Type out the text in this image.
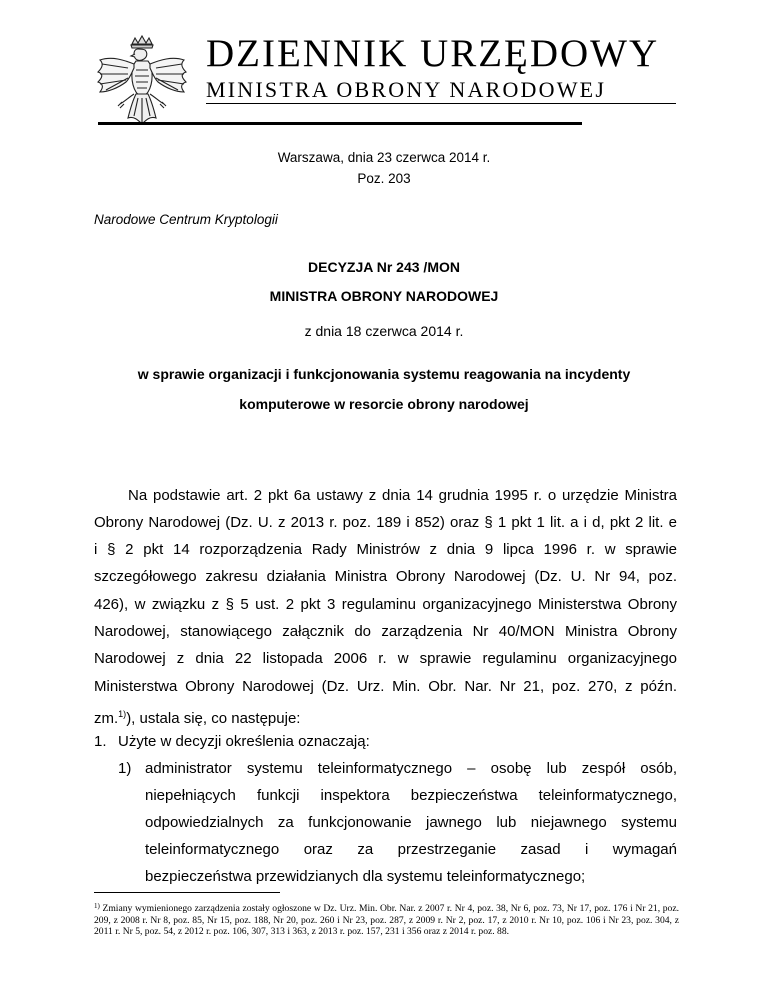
DZIENNIK URZĘDOWY
MINISTRA OBRONY NARODOWEJ
Warszawa, dnia 23 czerwca 2014 r.
Poz. 203
Narodowe Centrum Kryptologii
DECYZJA Nr 243 /MON
MINISTRA OBRONY NARODOWEJ
z dnia 18 czerwca 2014 r.
w sprawie organizacji i funkcjonowania systemu reagowania na incydenty
komputerowe w resorcie obrony narodowej
Na podstawie art. 2 pkt 6a ustawy z dnia 14 grudnia 1995 r. o urzędzie Ministra
Obrony Narodowej (Dz. U. z 2013 r. poz. 189 i 852) oraz § 1 pkt 1 lit. a i d, pkt 2 lit. e
i § 2 pkt 14 rozporządzenia Rady Ministrów z dnia 9 lipca 1996 r. w sprawie
szczegółowego zakresu działania Ministra Obrony Narodowej (Dz. U. Nr 94, poz.
426), w związku z § 5 ust. 2 pkt 3 regulaminu organizacyjnego Ministerstwa Obrony
Narodowej, stanowiącego załącznik do zarządzenia Nr 40/MON Ministra Obrony
Narodowej z dnia 22 listopada 2006 r. w sprawie regulaminu organizacyjnego
Ministerstwa Obrony Narodowej (Dz. Urz. Min. Obr. Nar. Nr 21, poz. 270, z późn.
zm.$^{1)}$), ustala się, co następuje:
1. Użyte w decyzji określenia oznaczają:
1) administrator systemu teleinformatycznego – osobę lub zespół osób,
niepełniących funkcji inspektora bezpieczeństwa teleinformatycznego,
odpowiedzialnych za funkcjonowanie jawnego lub niejawnego systemu
teleinformatycznego oraz za przestrzeganie zasad i wymagań
bezpieczeństwa przewidzianych dla systemu teleinformatycznego;
$^{1)}$ Zmiany wymienionego zarządzenia zostały ogłoszone w Dz. Urz. Min. Obr. Nar. z 2007 r. Nr 4, poz. 38, Nr 6, poz. 73, Nr 17, poz. 176 i Nr 21, poz. 209, z 2008 r. Nr 8, poz. 85, Nr 15, poz. 188, Nr 20, poz. 260 i Nr 23, poz. 287, z 2009 r. Nr 2, poz. 17, z 2010 r. Nr 10, poz. 106 i Nr 23, poz. 304, z 2011 r. Nr 5, poz. 54, z 2012 r. poz. 106, 307, 313 i 363, z 2013 r. poz. 157, 231 i 356 oraz z 2014 r. poz. 88.
